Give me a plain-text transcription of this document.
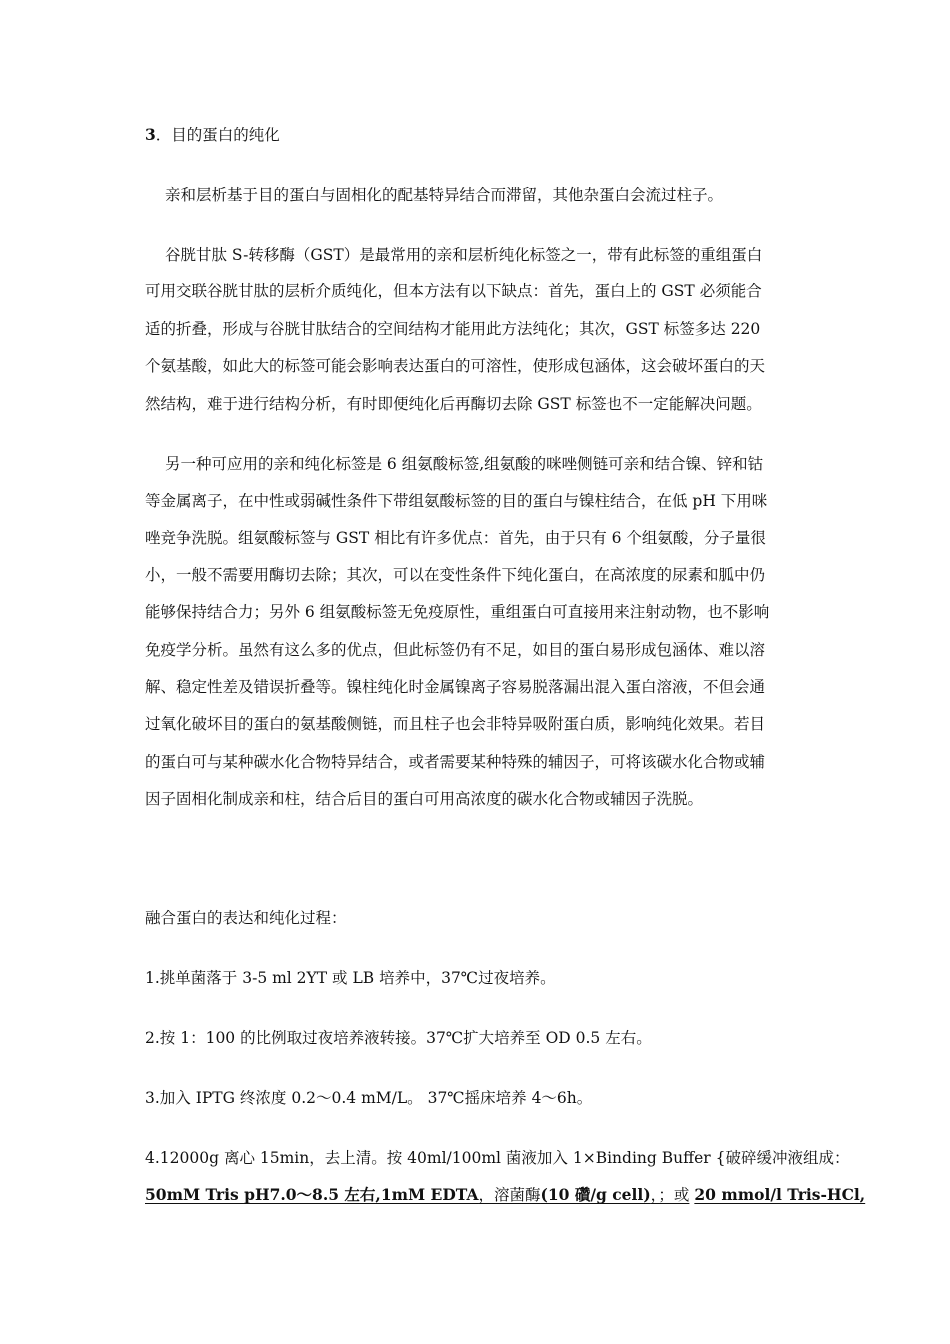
3．目的蛋白的纯化
亲和层析基于目的蛋白与固相化的配基特异结合而滞留，其他杂蛋白会流过柱子。
谷胱甘肽 S-转移酶（GST）是最常用的亲和层析纯化标签之一，带有此标签的重组蛋白
可用交联谷胱甘肽的层析介质纯化，但本方法有以下缺点：首先，蛋白上的 GST 必须能合
适的折叠，形成与谷胱甘肽结合的空间结构才能用此方法纯化；其次，GST 标签多达 220
个氨基酸，如此大的标签可能会影响表达蛋白的可溶性，使形成包涵体，这会破坏蛋白的天
然结构，难于进行结构分析，有时即便纯化后再酶切去除 GST 标签也不一定能解决问题。
另一种可应用的亲和纯化标签是 6 组氨酸标签,组氨酸的咪唑侧链可亲和结合镍、锌和钴
等金属离子，在中性或弱碱性条件下带组氨酸标签的目的蛋白与镍柱结合，在低 pH 下用咪
唑竞争洗脱。组氨酸标签与 GST 相比有许多优点：首先，由于只有 6 个组氨酸，分子量很
小，一般不需要用酶切去除；其次，可以在变性条件下纯化蛋白，在高浓度的尿素和胍中仍
能够保持结合力；另外 6 组氨酸标签无免疫原性，重组蛋白可直接用来注射动物，也不影响
免疫学分析。虽然有这么多的优点，但此标签仍有不足，如目的蛋白易形成包涵体、难以溶
解、稳定性差及错误折叠等。镍柱纯化时金属镍离子容易脱落漏出混入蛋白溶液，不但会通
过氧化破坏目的蛋白的氨基酸侧链，而且柱子也会非特异吸附蛋白质，影响纯化效果。若目
的蛋白可与某种碳水化合物特异结合，或者需要某种特殊的辅因子，可将该碳水化合物或辅
因子固相化制成亲和柱，结合后目的蛋白可用高浓度的碳水化合物或辅因子洗脱。
融合蛋白的表达和纯化过程：
1.挑单菌落于 3-5 ml 2YT 或 LB 培养中，37℃过夜培养。
2.按 1：100 的比例取过夜培养液转接。37℃扩大培养至 OD 0.5 左右。
3.加入 IPTG 终浓度 0.2～0.4 mM/L。 37℃摇床培养 4～6h。
4.12000g 离心 15min，去上清。按 40ml/100ml 菌液加入 1×Binding Buffer {破碎缓冲液组成：
50mM Tris pH7.0～8.5 左右,1mM EDTA，溶菌酶(10 礸/g cell)，；或 20 mmol/l Tris-HCl,
